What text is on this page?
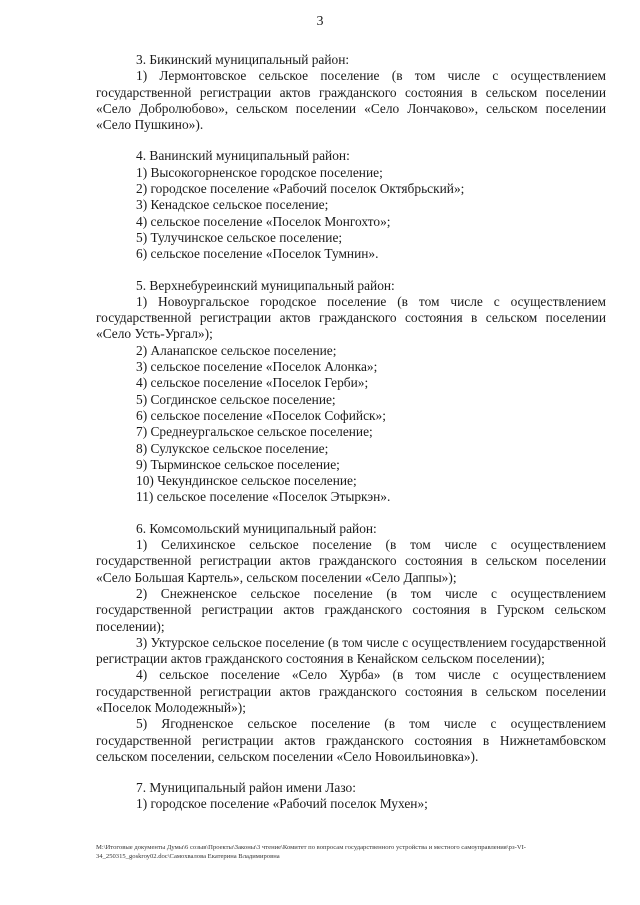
3

3. Бикинский муниципальный район:

1) Лермонтовское сельское поселение (в том числе с осуществлением государственной регистрации актов гражданского состояния в сельском поселении «Село Добролюбово», сельском поселении «Село Лончаково», сельском поселении «Село Пушкино»).

4. Ванинский муниципальный район:

1) Высокогорненское городское поселение;

2) городское поселение «Рабочий поселок Октябрьский»;

3) Кенадское сельское поселение;

4) сельское поселение «Поселок Монгохто»;

5) Тулучинское сельское поселение;

6) сельское поселение «Поселок Тумнин».

5. Верхнебуреинский муниципальный район:

1) Новоургальское городское поселение (в том числе с осуществлением государственной регистрации актов гражданского состояния в сельском поселении «Село Усть-Ургал»);

2) Аланапское сельское поселение;

3) сельское поселение «Поселок Алонка»;

4) сельское поселение «Поселок Герби»;

5) Согдинское сельское поселение;

6) сельское поселение «Поселок Софийск»;

7) Среднеургальское сельское поселение;

8) Сулукское сельское поселение;

9) Тырминское сельское поселение;

10) Чекундинское сельское поселение;

11) сельское поселение «Поселок Этыркэн».

6. Комсомольский муниципальный район:

1) Селихинское сельское поселение (в том числе с осуществлением государственной регистрации актов гражданского состояния в сельском поселении «Село Большая Картель», сельском поселении «Село Даппы»);

2) Снежненское сельское поселение (в том числе с осуществлением государственной регистрации актов гражданского состояния в Гурском сельском поселении);

3) Уктурское сельское поселение (в том числе с осуществлением государственной регистрации актов гражданского состояния в Кенайском сельском поселении);

4) сельское поселение «Село Хурба» (в том числе с осуществлением государственной регистрации актов гражданского состояния в сельском поселении «Поселок Молодежный»);

5) Ягодненское сельское поселение (в том числе с осуществлением государственной регистрации актов гражданского состояния в Нижнетамбовском сельском поселении, сельском поселении «Село Новоильиновка»).

7. Муниципальный район имени Лазо:

1) городское поселение «Рабочий поселок Мухен»;

М:\Итоговые документы Думы\6 созыв\Проекты\Законы\3 чтение\Комитет по вопросам государственного устройства и местного самоуправления\рз-VI-
34_250315_goskrоу02.doc\Самохвалова Екатерина Владимировна
